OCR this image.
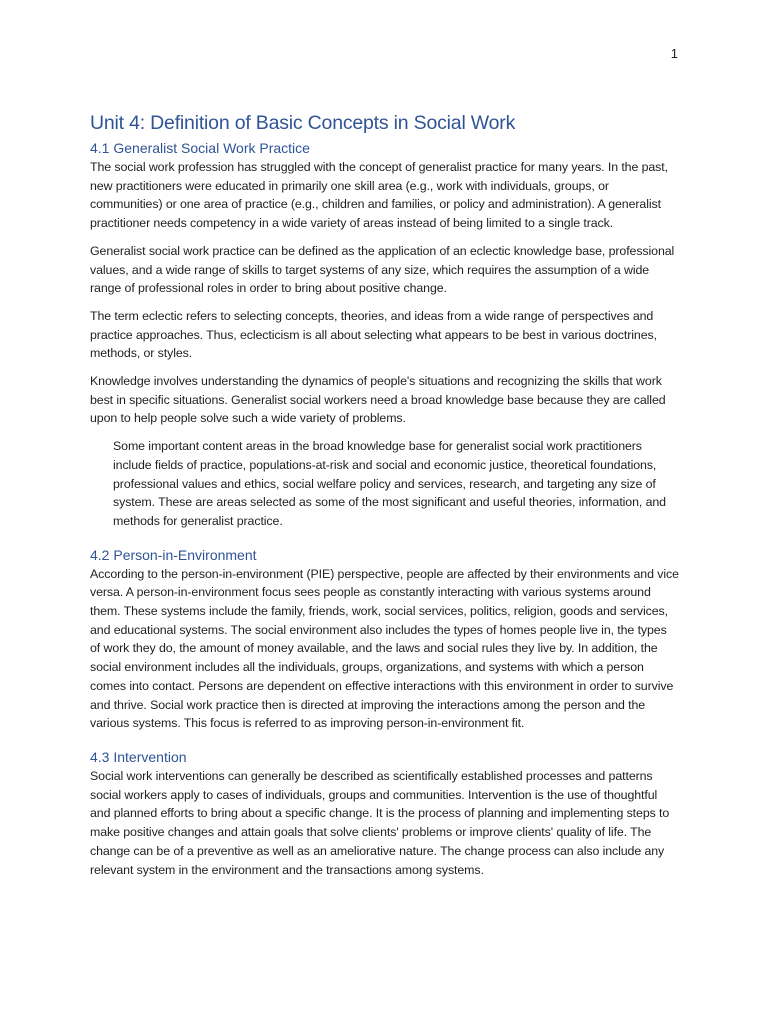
1
Unit 4: Definition of Basic Concepts in Social Work
4.1 Generalist Social Work Practice

The social work profession has struggled with the concept of generalist practice for many years. In the past, new practitioners were educated in primarily one skill area (e.g., work with individuals, groups, or communities) or one area of practice (e.g., children and families, or policy and administration). A generalist practitioner needs competency in a wide variety of areas instead of being limited to a single track.

Generalist social work practice can be defined as the application of an eclectic knowledge base, professional values, and a wide range of skills to target systems of any size, which requires the assumption of a wide range of professional roles in order to bring about positive change.

The term eclectic refers to selecting concepts, theories, and ideas from a wide range of perspectives and practice approaches. Thus, eclecticism is all about selecting what appears to be best in various doctrines, methods, or styles.

Knowledge involves understanding the dynamics of people's situations and recognizing the skills that work best in specific situations. Generalist social workers need a broad knowledge base because they are called upon to help people solve such a wide variety of problems.

Some important content areas in the broad knowledge base for generalist social work practitioners include fields of practice, populations-at-risk and social and economic justice, theoretical foundations, professional values and ethics, social welfare policy and services, research, and targeting any size of system. These are areas selected as some of the most significant and useful theories, information, and methods for generalist practice.

4.2 Person-in-Environment

According to the person-in-environment (PIE) perspective, people are affected by their environments and vice versa. A person-in-environment focus sees people as constantly interacting with various systems around them. These systems include the family, friends, work, social services, politics, religion, goods and services, and educational systems. The social environment also includes the types of homes people live in, the types of work they do, the amount of money available, and the laws and social rules they live by. In addition, the social environment includes all the individuals, groups, organizations, and systems with which a person comes into contact. Persons are dependent on effective interactions with this environment in order to survive and thrive. Social work practice then is directed at improving the interactions among the person and the various systems. This focus is referred to as improving person-in-environment fit.

4.3 Intervention

Social work interventions can generally be described as scientifically established processes and patterns social workers apply to cases of individuals, groups and communities. Intervention is the use of thoughtful and planned efforts to bring about a specific change. It is the process of planning and implementing steps to make positive changes and attain goals that solve clients' problems or improve clients' quality of life. The change can be of a preventive as well as an ameliorative nature. The change process can also include any relevant system in the environment and the transactions among systems.
